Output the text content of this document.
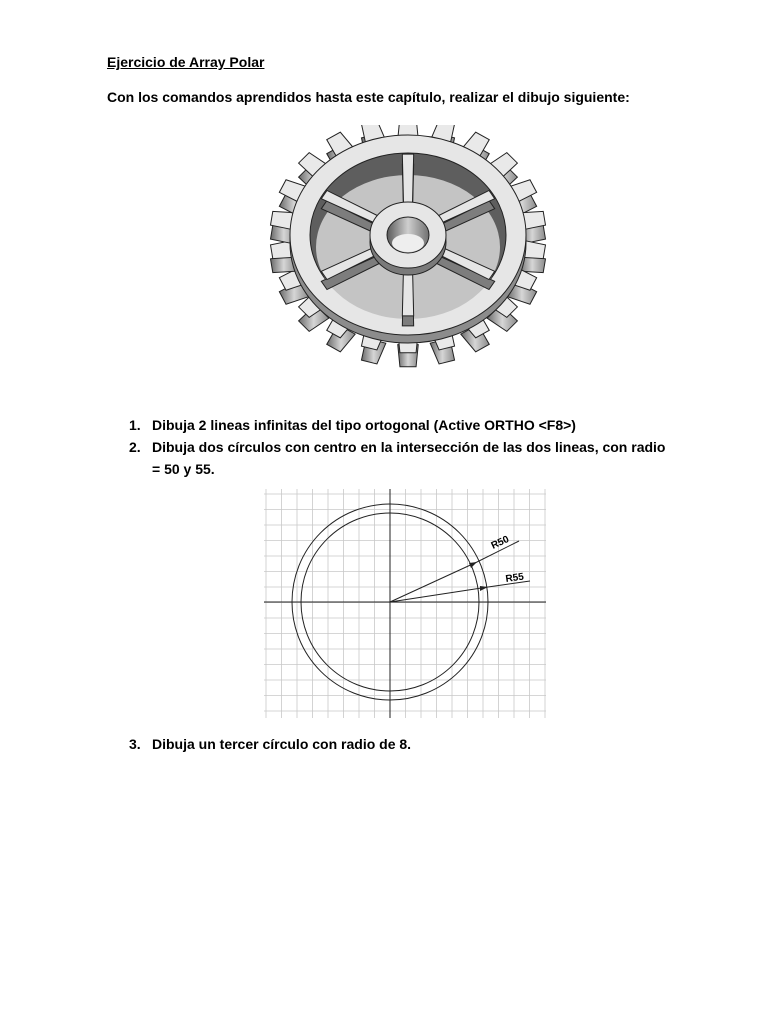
Ejercicio de Array Polar
Con los comandos aprendidos hasta este capítulo, realizar el dibujo siguiente:
1. Dibuja 2 lineas infinitas del tipo ortogonal (Active ORTHO <F8>)
2. Dibuja dos círculos con centro en la intersección de las dos lineas, con radio = 50 y 55.
R50
R55
3. Dibuja un tercer círculo con radio de 8.
